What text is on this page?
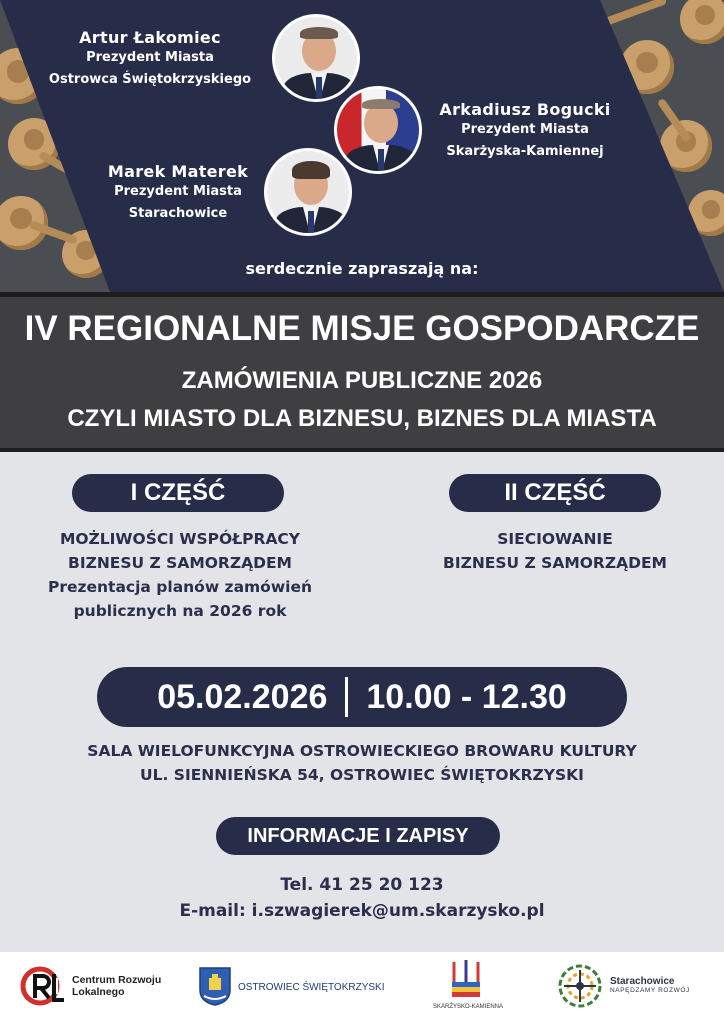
Artur Łakomiec
Prezydent Miasta
Ostrowca Świętokrzyskiego
Arkadiusz Bogucki
Prezydent Miasta
Skarżyska-Kamiennej
Marek Materek
Prezydent Miasta
Starachowice
serdecznie zapraszają na:
IV REGIONALNE MISJE GOSPODARCZE
ZAMÓWIENIA PUBLICZNE 2026
CZYLI MIASTO DLA BIZNESU, BIZNES DLA MIASTA
I CZĘŚĆ
MOŻLIWOŚCI WSPÓŁPRACY
BIZNESU Z SAMORZĄDEM
Prezentacja planów zamówień
publicznych na 2026 rok
II CZĘŚĆ
SIECIOWANIE
BIZNESU Z SAMORZĄDEM
05.02.2026 10.00 - 12.30
SALA WIELOFUNKCYJNA OSTROWIECKIEGO BROWARU KULTURY
UL. SIENNIEŃSKA 54, OSTROWIEC ŚWIĘTOKRZYSKI
INFORMACJE I ZAPISY
Tel. 41 25 20 123
E-mail: i.szwagierek@um.skarzysko.pl
Centrum Rozwoju
Lokalnego	OSTROWIEC ŚWIĘTOKRZYSKI
SKARŻYSKO-KAMIENNA
Starachowice
NAPĘDZAMY ROZWÓJ
